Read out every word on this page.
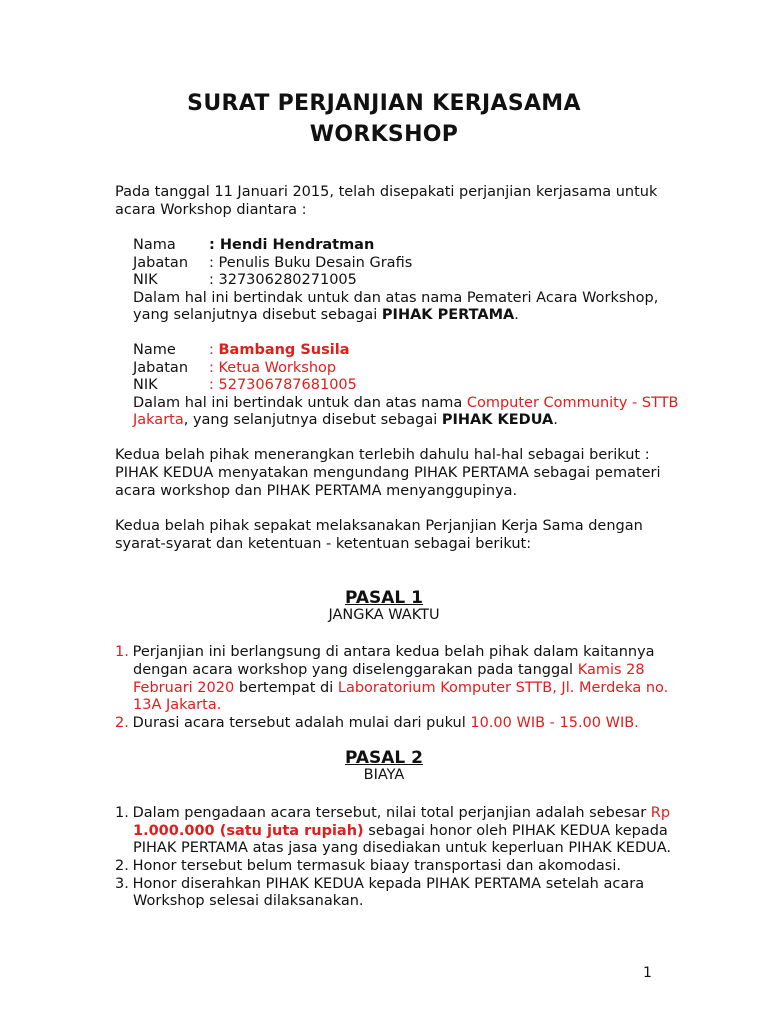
SURAT PERJANJIAN KERJASAMA
WORKSHOP
Pada tanggal 11 Januari 2015, telah disepakati perjanjian kerjasama untuk
acara Workshop diantara :
Nama : Hendi Hendratman
Jabatan : Penulis Buku Desain Grafis
NIK	: 327306280271005
Dalam hal ini bertindak untuk dan atas nama Pemateri Acara Workshop,
yang selanjutnya disebut sebagai PIHAK PERTAMA.
Name : Bambang Susila
Jabatan : Ketua Workshop
NIK	: 527306787681005
Dalam hal ini bertindak untuk dan atas nama Computer Community - STTB
Jakarta, yang selanjutnya disebut sebagai PIHAK KEDUA.
Kedua belah pihak menerangkan terlebih dahulu hal-hal sebagai berikut :
PIHAK KEDUA menyatakan mengundang PIHAK PERTAMA sebagai pemateri
acara workshop dan PIHAK PERTAMA menyanggupinya.
Kedua belah pihak sepakat melaksanakan Perjanjian Kerja Sama dengan
syarat-syarat dan ketentuan - ketentuan sebagai berikut:
PASAL 1
JANGKA WAKTU
1. Perjanjian ini berlangsung di antara kedua belah pihak dalam kaitannya
dengan acara workshop yang diselenggarakan pada tanggal Kamis 28
Februari 2020 bertempat di Laboratorium Komputer STTB, Jl. Merdeka no.
13A Jakarta.
2. Durasi acara tersebut adalah mulai dari pukul 10.00 WIB - 15.00 WIB.
PASAL 2
BIAYA
1. Dalam pengadaan acara tersebut, nilai total perjanjian adalah sebesar Rp
1.000.000 (satu juta rupiah) sebagai honor oleh PIHAK KEDUA kepada
PIHAK PERTAMA atas jasa yang disediakan untuk keperluan PIHAK KEDUA.
2. Honor tersebut belum termasuk biaay transportasi dan akomodasi.
3. Honor diserahkan PIHAK KEDUA kepada PIHAK PERTAMA setelah acara
Workshop selesai dilaksanakan.
1
